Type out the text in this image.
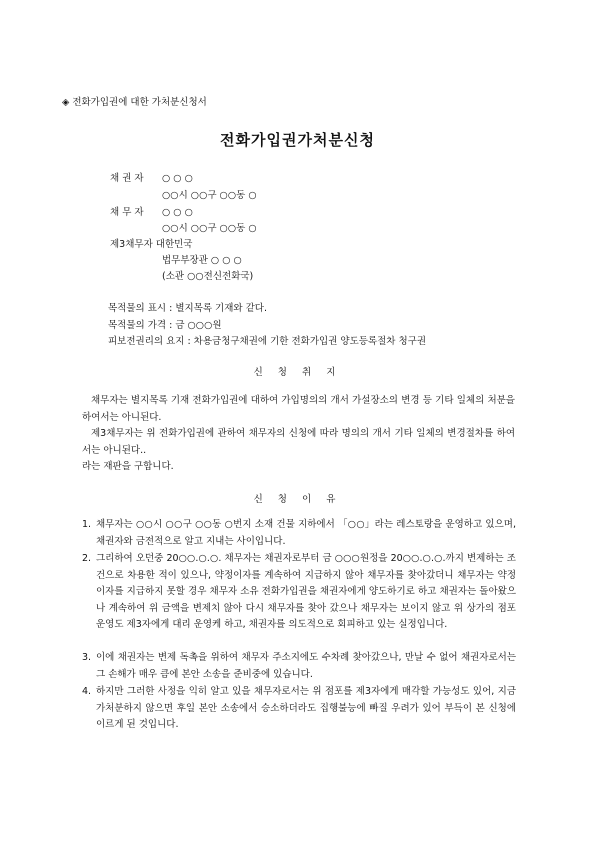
◈ 전화가입권에 대한 가처분신청서
전화가입권가처분신청
채 권 자 ○ ○ ○
○○시 ○○구 ○○동 ○
채 무 자 ○ ○ ○
○○시 ○○구 ○○동 ○
제3채무자 대한민국
법무부장관 ○ ○ ○
(소관 ○○전신전화국)
목적물의 표시 : 별지목록 기재와 같다.
목적물의 가격 : 금 ○○○원
피보전권리의 요지 : 차용금청구채권에 기한 전화가입권 양도등록절차 청구권
신 청 취 지

채무자는 별지목록 기재 전화가입권에 대하여 가입명의의 개서 가설장소의 변경 등 기타 일체의 처분을 하여서는 아니된다.

제3채무자는 위 전화가입권에 관하여 채무자의 신청에 따라 명의의 개서 기타 일체의 변경절차를 하여서는 아니된다..

라는 재판을 구합니다.

신 청 이 유
1. 채무자는 ○○시 ○○구 ○○동 ○번지 소재 건물 지하에서 「○○」라는 레스토랑을 운영하고 있으며, 채권자와 금전적으로 알고 지내는 사이입니다.
2. 그리하여 오던중 20○○.○.○. 채무자는 채권자로부터 금 ○○○원정을 20○○.○.○.까지 변제하는 조건으로 차용한 적이 있으나, 약정이자를 계속하여 지급하지 않아 채무자를 찾아갔더니 채무자는 약정이자를 지급하지 못할 경우 채무자 소유 전화가입권을 채권자에게 양도하기로 하고 채권자는 돌아왔으나 계속하여 위 금액을 변제치 않아 다시 채무자를 찾아 갔으나 채무자는 보이지 않고 위 상가의 점포 운영도 제3자에게 대리 운영케 하고, 채권자를 의도적으로 회피하고 있는 실정입니다.
3. 이에 채권자는 변제 독촉을 위하여 채무자 주소지에도 수차례 찾아갔으나, 만날 수 없어 채권자로서는 그 손해가 매우 큼에 본안 소송을 준비중에 있습니다.
4. 하지만 그러한 사정을 익히 알고 있을 채무자로서는 위 점포를 제3자에게 매각할 가능성도 있어, 지금 가처분하지 않으면 후일 본안 소송에서 승소하더라도 집행불능에 빠질 우려가 있어 부득이 본 신청에 이르게 된 것입니다.
